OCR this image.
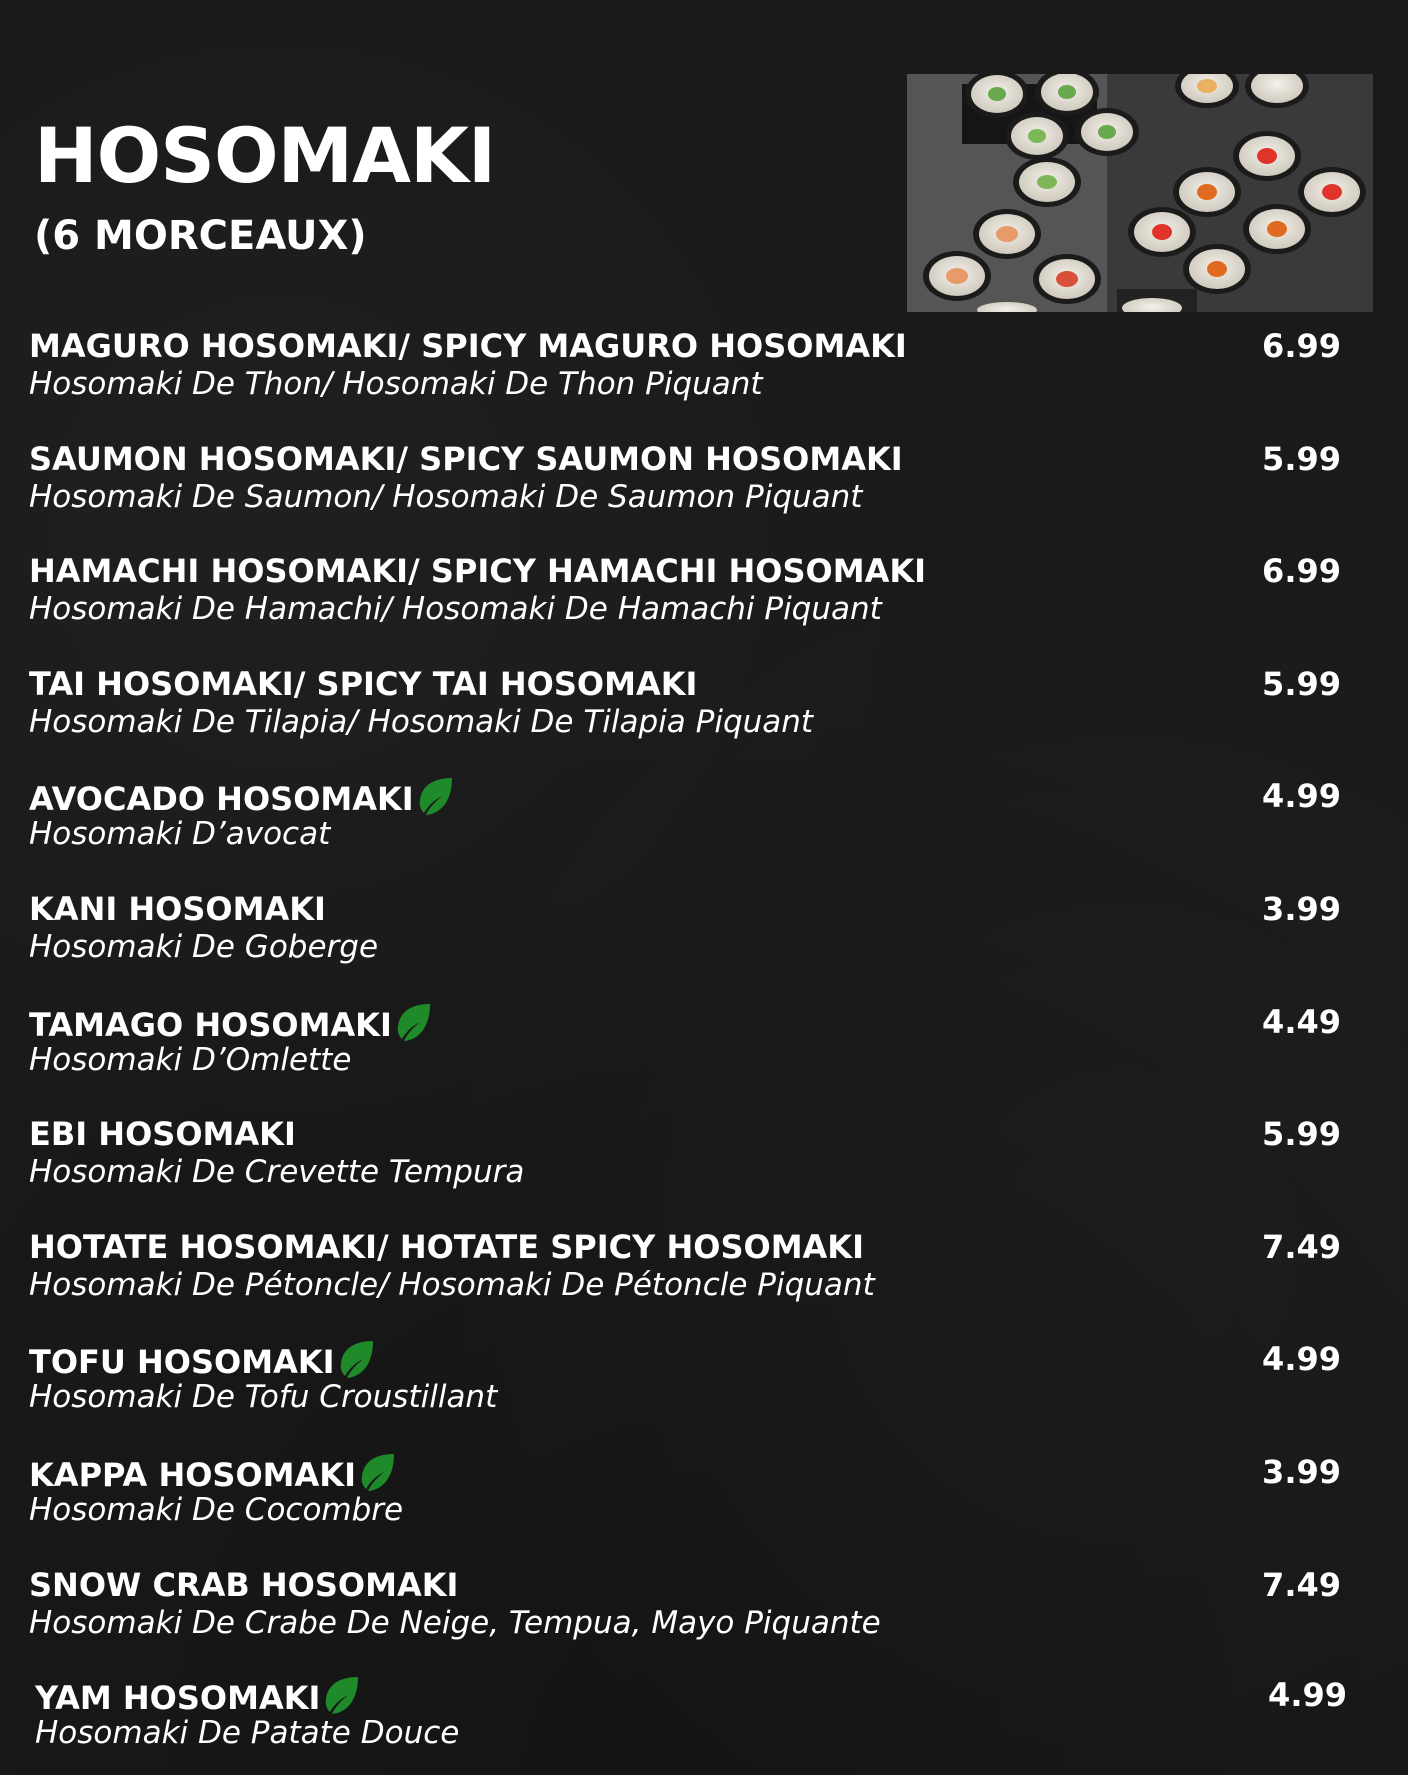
HOSOMAKI
(6 MORCEAUX)
MAGURO HOSOMAKI/ SPICY MAGURO HOSOMAKI
Hosomaki De Thon/ Hosomaki De Thon Piquant
6.99
SAUMON HOSOMAKI/ SPICY SAUMON HOSOMAKI
Hosomaki De Saumon/ Hosomaki De Saumon Piquant
5.99
HAMACHI HOSOMAKI/ SPICY HAMACHI HOSOMAKI
Hosomaki De Hamachi/ Hosomaki De Hamachi Piquant
6.99
TAI HOSOMAKI/ SPICY TAI HOSOMAKI
Hosomaki De Tilapia/ Hosomaki De Tilapia Piquant
5.99
AVOCADO HOSOMAKI
Hosomaki D’avocat
4.99
KANI HOSOMAKI
Hosomaki De Goberge
3.99
TAMAGO HOSOMAKI
Hosomaki D’Omlette
4.49
EBI HOSOMAKI
Hosomaki De Crevette Tempura
5.99
HOTATE HOSOMAKI/ HOTATE SPICY HOSOMAKI
Hosomaki De Pétoncle/ Hosomaki De Pétoncle Piquant
7.49
TOFU HOSOMAKI
Hosomaki De Tofu Croustillant
4.99
KAPPA HOSOMAKI
Hosomaki De Cocombre
3.99
SNOW CRAB HOSOMAKI
Hosomaki De Crabe De Neige, Tempua, Mayo Piquante
7.49
YAM HOSOMAKI
Hosomaki De Patate Douce
4.99
